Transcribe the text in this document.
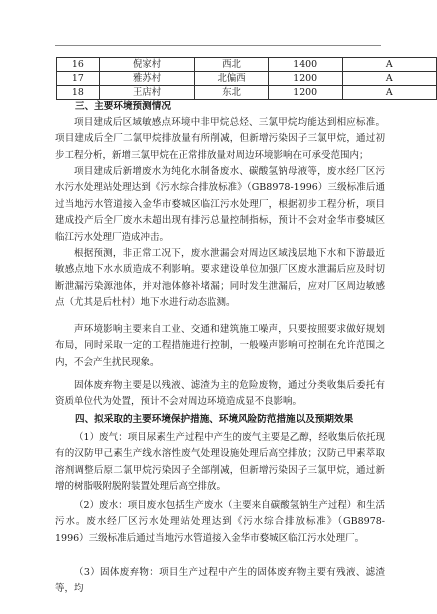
16	倪家村	西北	1400	A
17	雅苏村	北偏西	1200	A
18	王店村	东北	1200	A
三、主要环境预测情况

项目建成后区域敏感点环境中非甲烷总烃、三氯甲烷均能达到相应标准。项目建成后全厂二氯甲烷排放量有所削减，但新增污染因子三氯甲烷，通过初步工程分析，新增三氯甲烷在正常排放量对周边环境影响在可承受范围内；

项目建成后新增废水为纯化水制备废水、碳酸氢钠母液等，废水经厂区污水污水处理站处理达到《污水综合排放标准》（GB8978-1996）三级标准后通过当地污水管道接入金华市婺城区临江污水处理厂，根据初步工程分析，项目建成投产后全厂废水未超出现有排污总量控制指标，预计不会对金华市婺城区临江污水处理厂造成冲击。

根据预测，非正常工况下，废水泄漏会对周边区域浅层地下水和下游最近敏感点地下水水质造成不利影响。要求建设单位加强厂区废水泄漏后应及时切断泄漏污染源池体，并对池体修补堵漏；同时发生泄漏后，应对厂区周边敏感点（尤其是后杜村）地下水进行动态监测。

声环境影响主要来自工业、交通和建筑施工噪声，只要按照要求做好规划布局，同时采取一定的工程措施进行控制，一般噪声影响可控制在允许范围之内，不会产生扰民现象。

固体废弃物主要是以残液、滤渣为主的危险废物，通过分类收集后委托有资质单位代为处置，预计不会对周边环境造成显不良影响。

四、拟采取的主要环境保护措施、环境风险防范措施以及预期效果

（1）废气：项目尿素生产过程中产生的废气主要是乙醇，经收集后依托现有的汉防甲己素生产线水溶性废气处理设施处理后高空排放；汉防己甲素萃取溶剂调整后原二氯甲烷污染因子全部削减，但新增污染因子三氯甲烷，通过新增的树脂吸附脱附装置处理后高空排放。

（2）废水：项目废水包括生产废水（主要来自碳酸氢钠生产过程）和生活污水。废水经厂区污水处理站处理达到《污水综合排放标准》（GB8978-1996）三级标准后通过当地污水管道接入金华市婺城区临江污水处理厂。

（3）固体废弃物：项目生产过程中产生的固体废弃物主要有残液、滤渣等，均
